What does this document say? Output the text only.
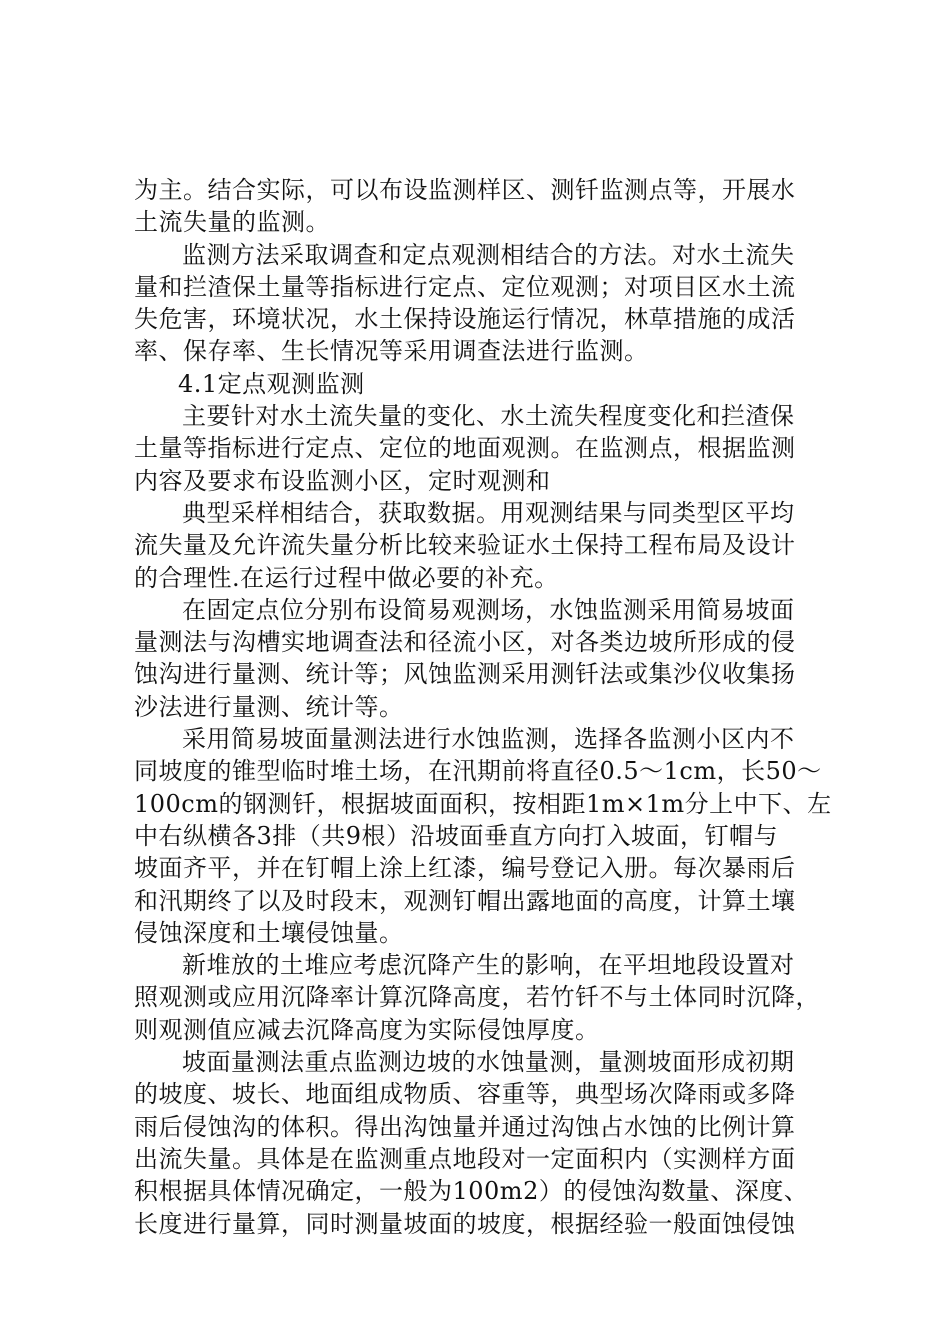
为主。结合实际，可以布设监测样区、测钎监测点等，开展水
土流失量的监测。
监测方法采取调查和定点观测相结合的方法。对水土流失
量和拦渣保土量等指标进行定点、定位观测；对项目区水土流
失危害，环境状况，水土保持设施运行情况，林草措施的成活
率、保存率、生长情况等采用调查法进行监测。
4.1定点观测监测
主要针对水土流失量的变化、水土流失程度变化和拦渣保
土量等指标进行定点、定位的地面观测。在监测点，根据监测
内容及要求布设监测小区，定时观测和
典型采样相结合，获取数据。用观测结果与同类型区平均
流失量及允许流失量分析比较来验证水土保持工程布局及设计
的合理性.在运行过程中做必要的补充。
在固定点位分别布设简易观测场，水蚀监测采用简易坡面
量测法与沟槽实地调查法和径流小区，对各类边坡所形成的侵
蚀沟进行量测、统计等；风蚀监测采用测钎法或集沙仪收集扬
沙法进行量测、统计等。
采用简易坡面量测法进行水蚀监测，选择各监测小区内不
同坡度的锥型临时堆土场，在汛期前将直径0.5～1cm，长50～
100cm的钢测钎，根据坡面面积，按相距1m×1m分上中下、左
中右纵横各3排（共9根）沿坡面垂直方向打入坡面，钉帽与
坡面齐平，并在钉帽上涂上红漆，编号登记入册。每次暴雨后
和汛期终了以及时段末，观测钉帽出露地面的高度，计算土壤
侵蚀深度和土壤侵蚀量。
新堆放的土堆应考虑沉降产生的影响，在平坦地段设置对
照观测或应用沉降率计算沉降高度，若竹钎不与土体同时沉降，
则观测值应减去沉降高度为实际侵蚀厚度。
坡面量测法重点监测边坡的水蚀量测，量测坡面形成初期
的坡度、坡长、地面组成物质、容重等，典型场次降雨或多降
雨后侵蚀沟的体积。得出沟蚀量并通过沟蚀占水蚀的比例计算
出流失量。具体是在监测重点地段对一定面积内（实测样方面
积根据具体情况确定，一般为100m2）的侵蚀沟数量、深度、
长度进行量算，同时测量坡面的坡度，根据经验一般面蚀侵蚀
